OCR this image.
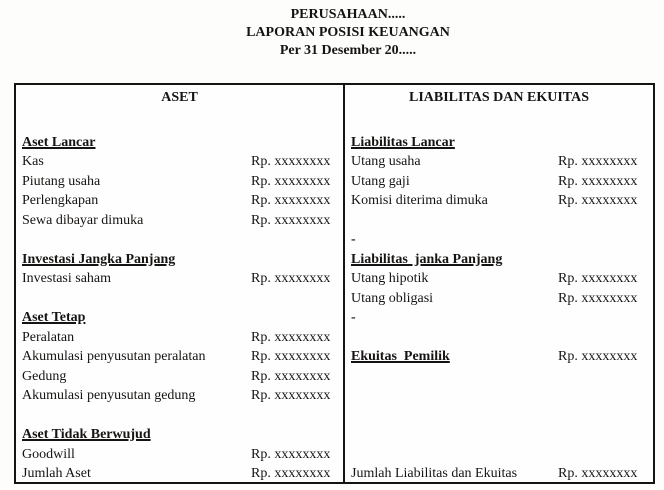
PERUSAHAAN.....
LAPORAN POSISI KEUANGAN
Per 31 Desember 20.....
ASET
Aset Lancar
Kas	Rp. xxxxxxxx
Piutang usaha	Rp. xxxxxxxx
Perlengkapan	Rp. xxxxxxxx
Sewa dibayar dimuka	Rp. xxxxxxxx
Investasi Jangka Panjang
Investasi saham	Rp. xxxxxxxx
Aset Tetap
Peralatan	Rp. xxxxxxxx
Akumulasi penyusutan peralatan	Rp. xxxxxxxx
Gedung	Rp. xxxxxxxx
Akumulasi penyusutan gedung	Rp. xxxxxxxx
Aset Tidak Berwujud
Goodwill	Rp. xxxxxxxx
Jumlah Aset	Rp. xxxxxxxx
LIABILITAS DAN EKUITAS
Liabilitas Lancar
Utang usaha	Rp. xxxxxxxx
Utang gaji	Rp. xxxxxxxx
Komisi diterima dimuka	Rp. xxxxxxxx
-
Liabilitas  janka Panjang
Utang hipotik	Rp. xxxxxxxx
Utang obligasi	Rp. xxxxxxxx
-
Ekuitas  Pemilik	Rp. xxxxxxxx
Jumlah Liabilitas dan Ekuitas	Rp. xxxxxxxx
